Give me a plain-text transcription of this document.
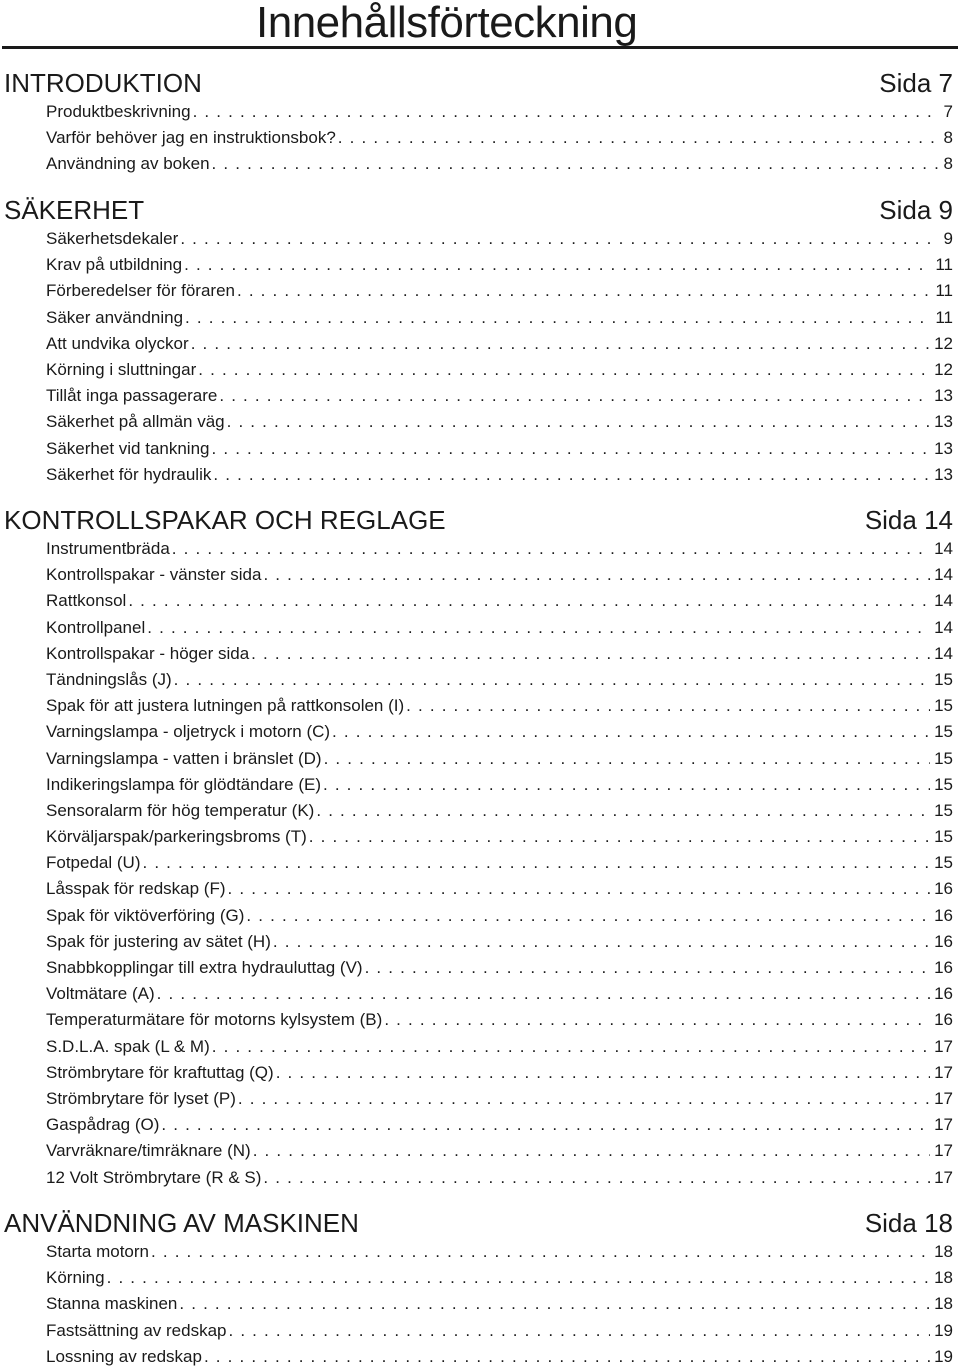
Innehållsförteckning
INTRODUKTION	Sida 7
Produktbeskrivning . . .	7
Varför behöver jag en instruktionsbok? . . .	8
Användning av boken . . .	8
SÄKERHET	Sida 9
Säkerhetsdekaler . . .	9
Krav på utbildning . . .	11
Förberedelser för föraren . . .	11
Säker användning . . .	11
Att undvika olyckor . . .	12
Körning i sluttningar . . .	12
Tillåt inga passagerare . . .	13
Säkerhet på allmän väg . . .	13
Säkerhet vid tankning . . .	13
Säkerhet för hydraulik . . .	13
KONTROLLSPAKAR OCH REGLAGE	Sida 14
Instrumentbräda . . .	14
Kontrollspakar - vänster sida . . .	14
Rattkonsol . . .	14
Kontrollpanel . . .	14
Kontrollspakar - höger sida . . .	14
Tändningslås (J) . . .	15
Spak för att justera lutningen på rattkonsolen (I) . . .	15
Varningslampa - oljetryck i motorn (C) . . .	15
Varningslampa - vatten i bränslet (D) . . .	15
Indikeringslampa för glödtändare (E) . . .	15
Sensoralarm för hög temperatur (K) . . .	15
Körväljarspak/parkeringsbroms (T) . . .	15
Fotpedal (U) . . .	15
Låsspak för redskap (F) . . .	16
Spak för viktöverföring (G) . . .	16
Spak för justering av sätet (H) . . .	16
Snabbkopplingar till extra hydrauluttag (V) . . .	16
Voltmätare (A) . . .	16
Temperaturmätare för motorns kylsystem (B) . . .	16
S.D.L.A. spak (L & M) . . .	17
Strömbrytare för kraftuttag (Q) . . .	17
Strömbrytare för lyset (P) . . .	17
Gaspådrag (O) . . .	17
Varvräknare/timräknare (N) . . .	17
12 Volt Strömbrytare (R & S) . . .	17
ANVÄNDNING AV MASKINEN	Sida 18
Starta motorn . . .	18
Körning . . .	18
Stanna maskinen . . .	18
Fastsättning av redskap . . .	19
Lossning av redskap . . .	19
